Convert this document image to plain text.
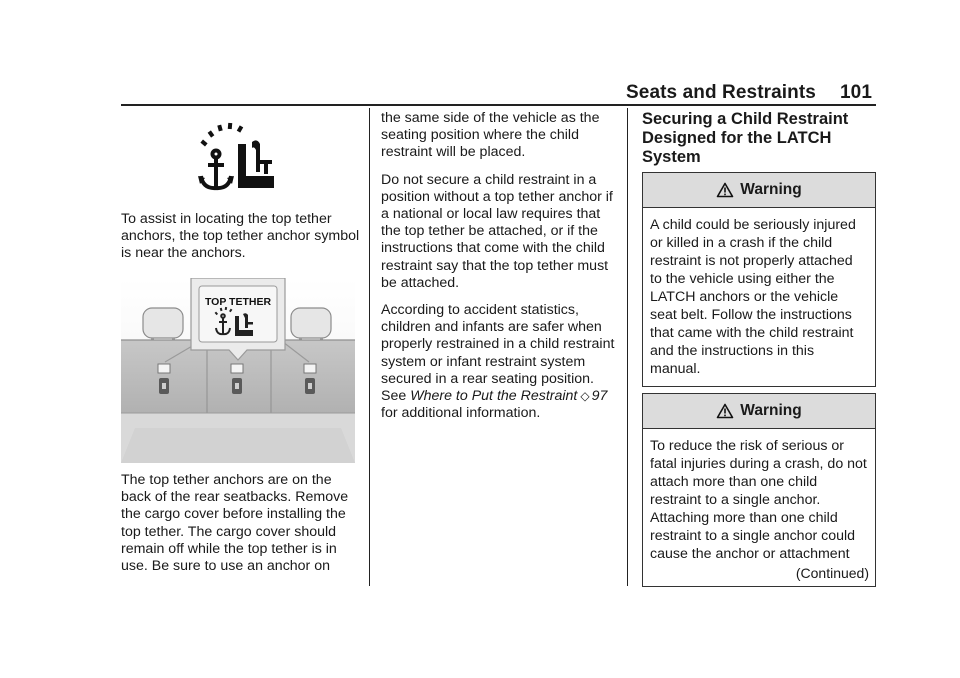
Seats and Restraints 101

To assist in locating the top tether anchors, the top tether anchor symbol is near the anchors.

TOP TETHER

The top tether anchors are on the back of the rear seatbacks. Remove the cargo cover before installing the top tether. The cargo cover should remain off while the top tether is in use. Be sure to use an anchor on

the same side of the vehicle as the seating position where the child restraint will be placed.

Do not secure a child restraint in a position without a top tether anchor if a national or local law requires that the top tether be attached, or if the instructions that come with the child restraint say that the top tether must be attached.

According to accident statistics, children and infants are safer when properly restrained in a child restraint system or infant restraint system secured in a rear seating position. See Where to Put the Restraint ◇ 97 for additional information.

Securing a Child Restraint Designed for the LATCH System

Warning
A child could be seriously injured or killed in a crash if the child restraint is not properly attached to the vehicle using either the LATCH anchors or the vehicle seat belt. Follow the instructions that came with the child restraint and the instructions in this manual.
Warning
To reduce the risk of serious or fatal injuries during a crash, do not attach more than one child restraint to a single anchor. Attaching more than one child restraint to a single anchor could cause the anchor or attachment
(Continued)
